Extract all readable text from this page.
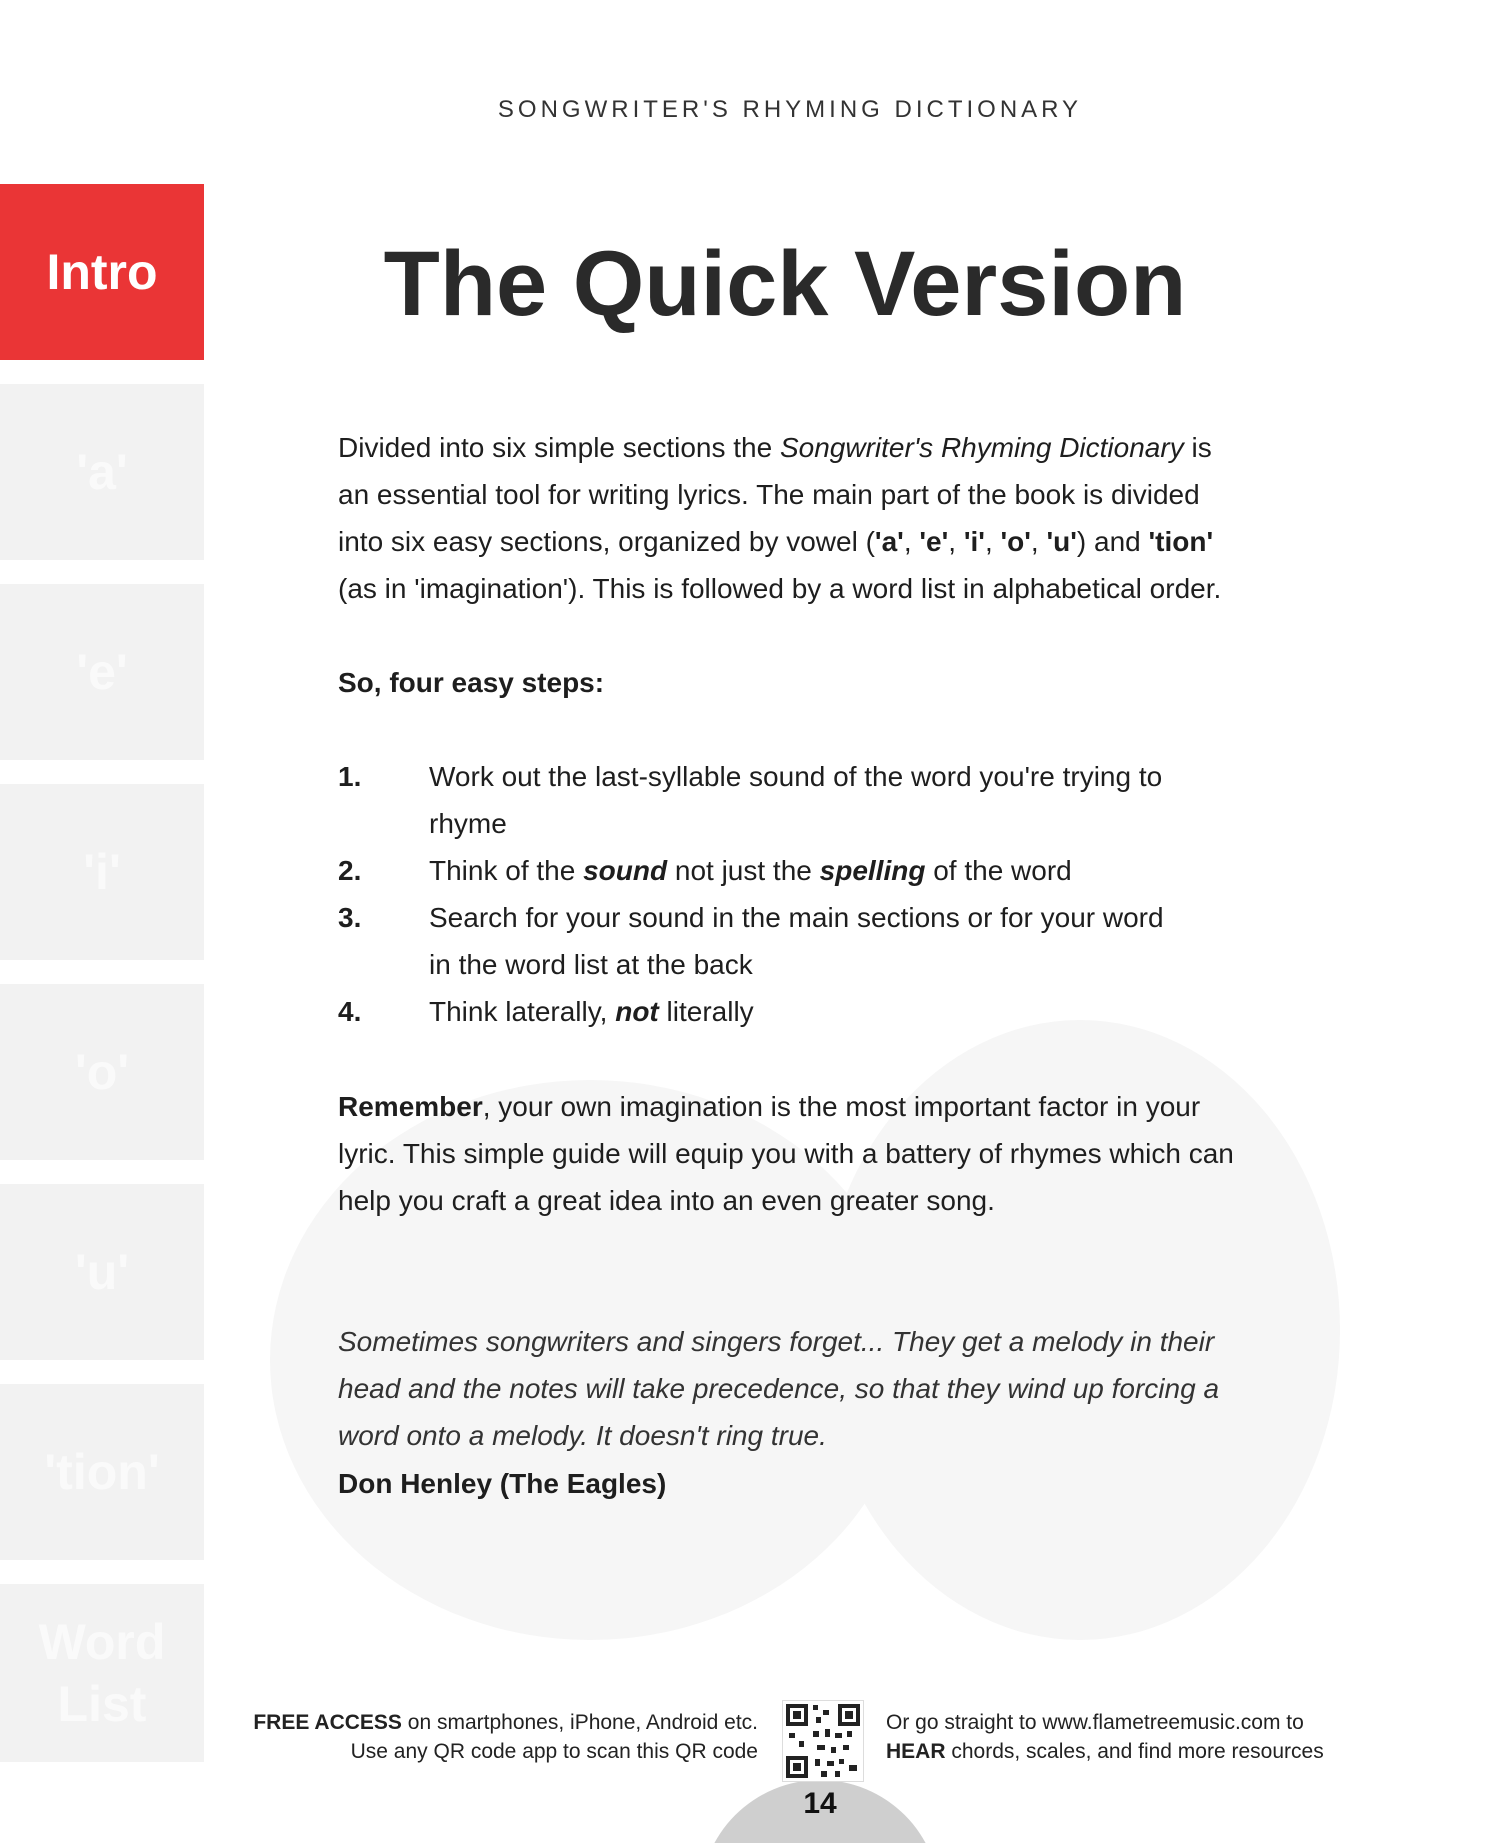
SONGWRITER'S RHYMING DICTIONARY
Intro
'a'
'e'
'i'
'o'
'u'
'tion'
Word List
The Quick Version
Divided into six simple sections the Songwriter's Rhyming Dictionary is an essential tool for writing lyrics. The main part of the book is divided into six easy sections, organized by vowel ('a', 'e', 'i', 'o', 'u') and 'tion' (as in 'imagination'). This is followed by a word list in alphabetical order.
So, four easy steps:
1.	Work out the last-syllable sound of the word you're trying to rhyme
2.	Think of the sound not just the spelling of the word
3.	Search for your sound in the main sections or for your word in the word list at the back
4.	Think laterally, not literally
Remember, your own imagination is the most important factor in your lyric. This simple guide will equip you with a battery of rhymes which can help you craft a great idea into an even greater song.
Sometimes songwriters and singers forget... They get a melody in their head and the notes will take precedence, so that they wind up forcing a word onto a melody. It doesn't ring true.
Don Henley (The Eagles)
FREE ACCESS on smartphones, iPhone, Android etc.
Use any QR code app to scan this QR code
Or go straight to www.flametreemusic.com to
HEAR chords, scales, and find more resources
14
